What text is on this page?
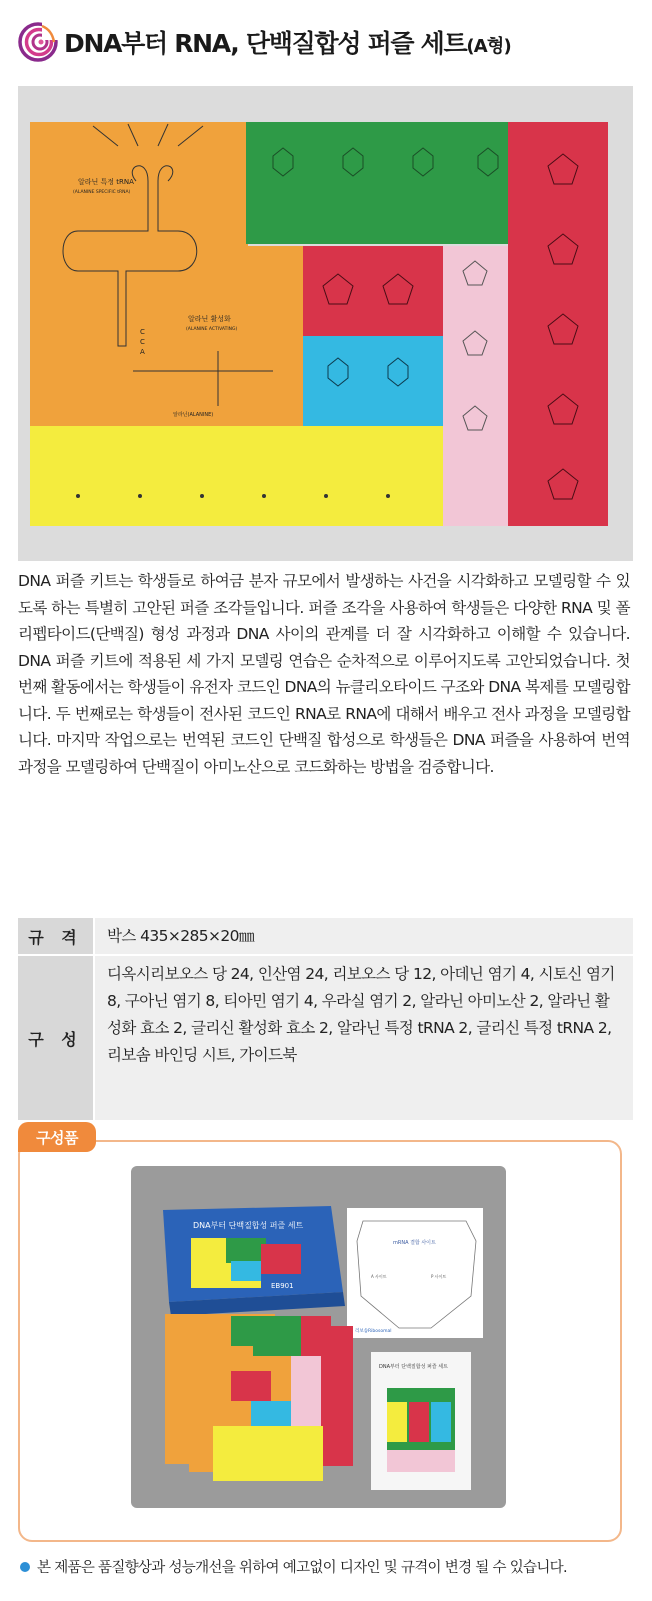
DNA부터 RNA, 단백질합성 퍼즐 세트(A형)
알라닌 특정 tRNA
(ALANINE SPECIFIC tRNA)
알라닌 활성화
(ALANINE ACTIVATING)
알라닌(ALANINE)
C
C
A

DNA 퍼즐 키트는 학생들로 하여금 분자 규모에서 발생하는 사건을 시각화하고 모델링할 수 있도록 하는 특별히 고안된 퍼즐 조각들입니다. 퍼즐 조각을 사용하여 학생들은 다양한 RNA 및 폴리펩타이드(단백질) 형성 과정과 DNA 사이의 관계를 더 잘 시각화하고 이해할 수 있습니다. DNA 퍼즐 키트에 적용된 세 가지 모델링 연습은 순차적으로 이루어지도록 고안되었습니다. 첫 번째 활동에서는 학생들이 유전자 코드인 DNA의 뉴클리오타이드 구조와 DNA 복제를 모델링합니다. 두 번째로는 학생들이 전사된 코드인 RNA로 RNA에 대해서 배우고 전사 과정을 모델링합니다. 마지막 작업으로는 번역된 코드인 단백질 합성으로 학생들은 DNA 퍼즐을 사용하여 번역 과정을 모델링하여 단백질이 아미노산으로 코드화하는 방법을 검증합니다.

규 격	박스 435×285×20㎜
구 성
디옥시리보오스 당 24, 인산염 24, 리보오스 당 12, 아데닌 염기 4, 시토신 염기 8, 구아닌 염기 8, 티아민 염기 4, 우라실 염기 2, 알라닌 아미노산 2, 알라닌 활성화 효소 2, 글리신 활성화 효소 2, 알라닌 특정 tRNA 2, 글리신 특정 tRNA 2, 리보솜 바인딩 시트, 가이드북
구성품
DNA부터 단백질합성 퍼즐 세트
EB901
mRNA 결합 사이트
A 사이트	P 사이트
리보솜Ribosomal
DNA부터 단백질합성 퍼즐 세트
본 제품은 품질향상과 성능개선을 위하여 예고없이 디자인 및 규격이 변경 될 수 있습니다.
